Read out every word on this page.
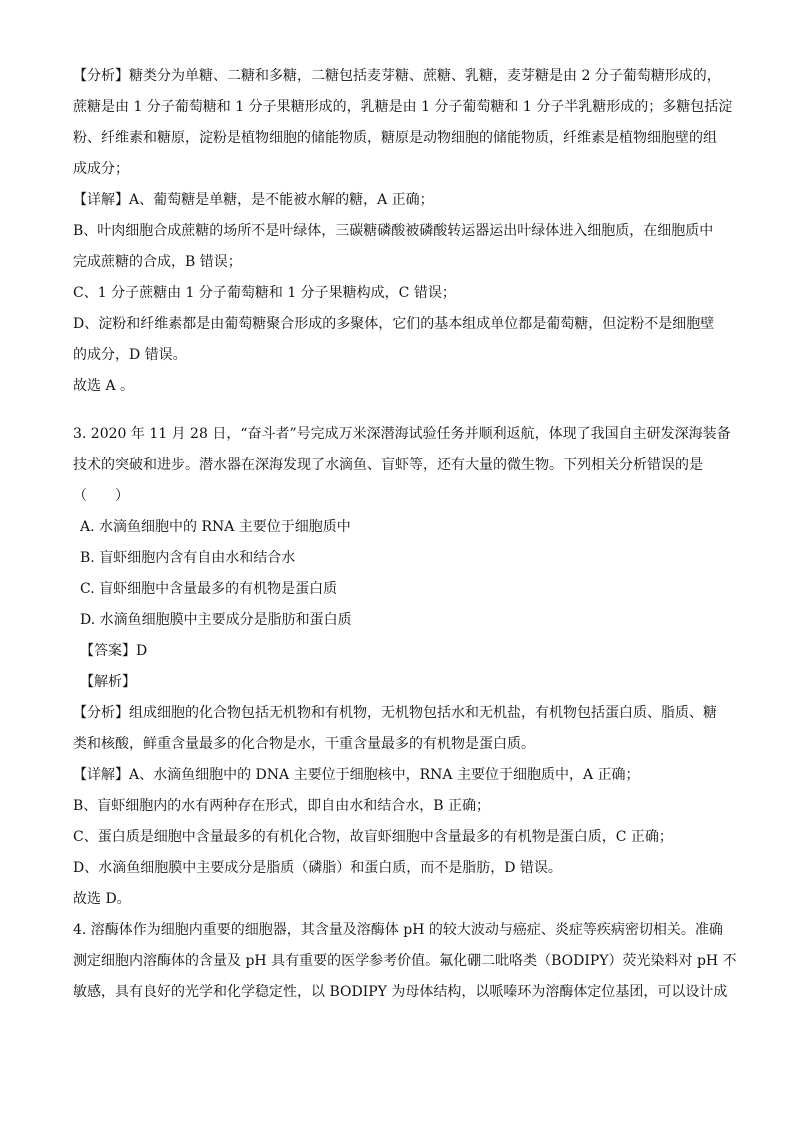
【分析】糖类分为单糖、二糖和多糖，二糖包括麦芽糖、蔗糖、乳糖，麦芽糖是由 2 分子葡萄糖形成的，
蔗糖是由 1 分子葡萄糖和 1 分子果糖形成的，乳糖是由 1 分子葡萄糖和 1 分子半乳糖形成的；多糖包括淀
粉、纤维素和糖原，淀粉是植物细胞的储能物质，糖原是动物细胞的储能物质，纤维素是植物细胞壁的组
成成分；
【详解】A、葡萄糖是单糖，是不能被水解的糖，A 正确；
B、叶肉细胞合成蔗糖的场所不是叶绿体，三碳糖磷酸被磷酸转运器运出叶绿体进入细胞质，在细胞质中
完成蔗糖的合成，B 错误；
C、1 分子蔗糖由 1 分子葡萄糖和 1 分子果糖构成，C 错误；
D、淀粉和纤维素都是由葡萄糖聚合形成的多聚体，它们的基本组成单位都是葡萄糖，但淀粉不是细胞壁
的成分，D 错误。
故选 A 。
3. 2020 年 11 月 28 日，“奋斗者”号完成万米深潜海试验任务并顺利返航，体现了我国自主研发深海装备
技术的突破和进步。潜水器在深海发现了水滴鱼、盲虾等，还有大量的微生物。下列相关分析错误的是
（　　）
A. 水滴鱼细胞中的 RNA 主要位于细胞质中
B. 盲虾细胞内含有自由水和结合水
C. 盲虾细胞中含量最多的有机物是蛋白质
D. 水滴鱼细胞膜中主要成分是脂肪和蛋白质
【答案】D
【解析】
【分析】组成细胞的化合物包括无机物和有机物，无机物包括水和无机盐，有机物包括蛋白质、脂质、糖
类和核酸，鲜重含量最多的化合物是水，干重含量最多的有机物是蛋白质。
【详解】A、水滴鱼细胞中的 DNA 主要位于细胞核中，RNA 主要位于细胞质中，A 正确；
B、盲虾细胞内的水有两种存在形式，即自由水和结合水，B 正确；
C、蛋白质是细胞中含量最多的有机化合物，故盲虾细胞中含量最多的有机物是蛋白质，C 正确；
D、水滴鱼细胞膜中主要成分是脂质（磷脂）和蛋白质，而不是脂肪，D 错误。
故选 D。
4. 溶酶体作为细胞内重要的细胞器，其含量及溶酶体 pH 的较大波动与癌症、炎症等疾病密切相关。准确
测定细胞内溶酶体的含量及 pH 具有重要的医学参考价值。氟化硼二吡咯类（BODIPY）荧光染料对 pH 不
敏感，具有良好的光学和化学稳定性，以 BODIPY 为母体结构，以哌嗪环为溶酶体定位基团，可以设计成
